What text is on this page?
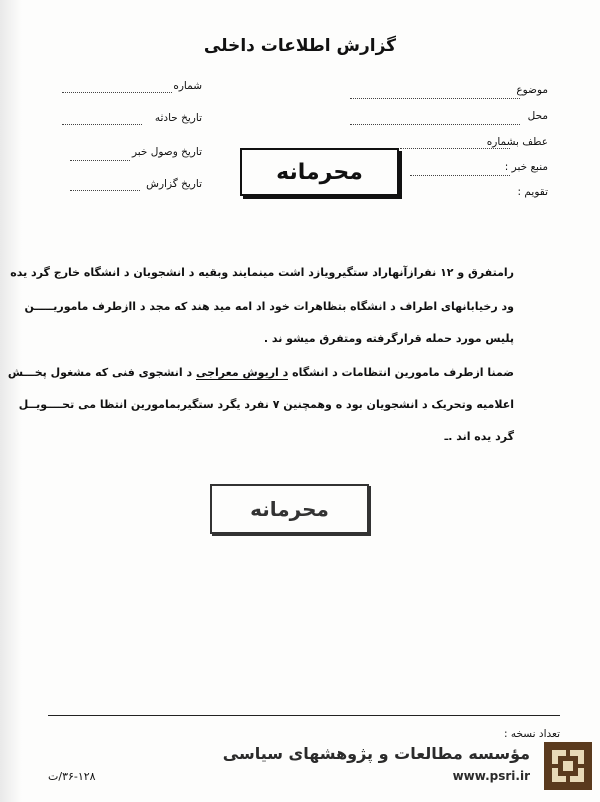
گزارش اطلاعات داخلی
موضوع
محل
عطف بشماره
منبع خبر :
تقویم :
شماره
تاریخ حادثه
تاریخ وصول خبر
تاریخ گزارش	محرمانه
رامتفرق و ۱۲ نفرازآنهاراد ستگیرویازد اشت مینمایند وبقیه د انشجویان د انشگاه خارج گرد یده
ود رخیابانهای اطراف د انشگاه بتظاهرات خود اد امه مید هند که مجد د اازطرف ماموریـــــن
پلیس مورد حمله قرارگرفته ومتفرق میشو ند .
ضمنا ازطرف مامورین انتظامات د انشگاه د اریوش معراجی د انشجوی فنی که مشغول پخـــش
اعلامیه وتحریک د انشجویان بود ه وهمچنین ۷ نفرد یگرد ستگیربمامورین انتظا می تحــــویــل
گرد یده اند .ـ
محرمانه
تعداد نسخه :
۳۶-۱۲۸/ت
مؤسسه مطالعات و پژوهشهای سیاسی
www.psri.ir
